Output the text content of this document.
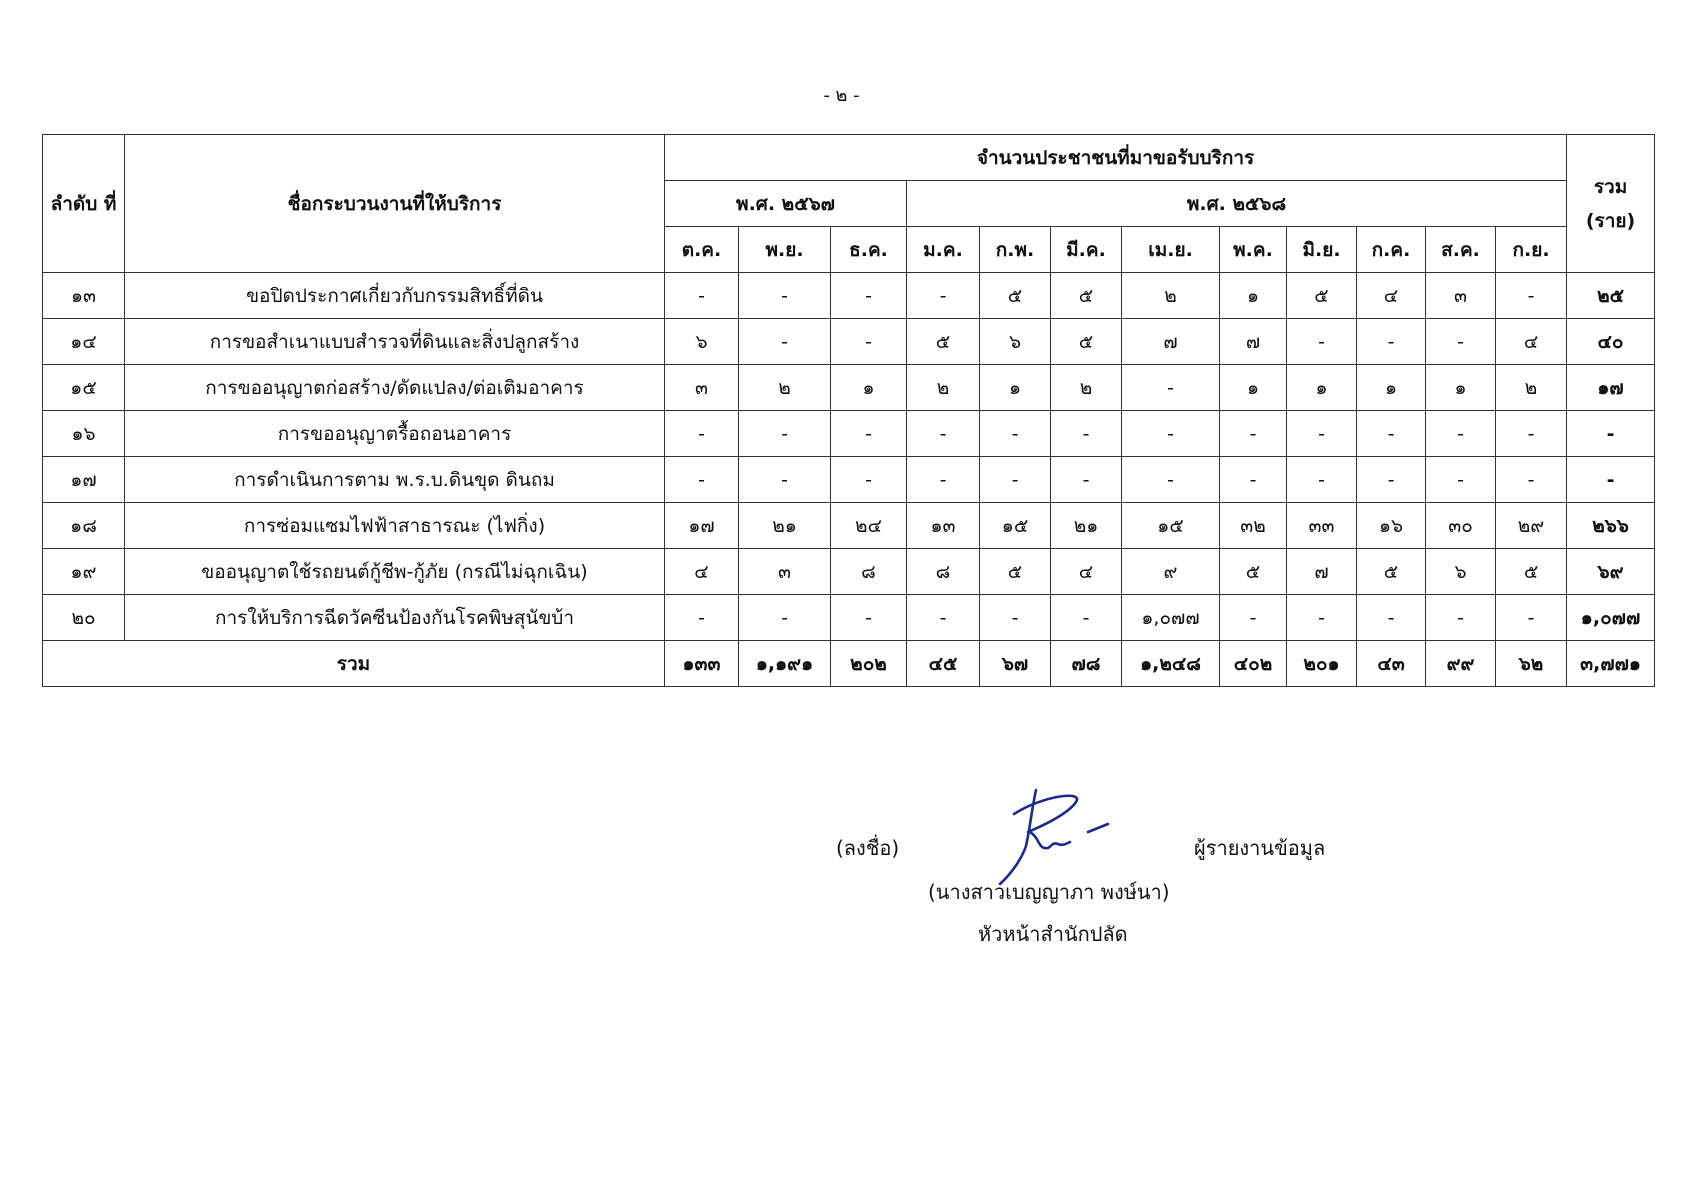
- ๒ -
ลำดับ ที่	ชื่อกระบวนงานที่ให้บริการ	จำนวนประชาชนที่มาขอรับบริการ												รวม (ราย)
		พ.ศ. ๒๕๖๗			พ.ศ. ๒๕๖๘									
		ต.ค.	พ.ย.	ธ.ค.	ม.ค.	ก.พ.	มี.ค.	เม.ย.	พ.ค.	มิ.ย.	ก.ค.	ส.ค.	ก.ย.	
๑๓	ขอปิดประกาศเกี่ยวกับกรรมสิทธิ์ที่ดิน	-	-	-	-	๕	๕	๒	๑	๕	๔	๓	-	๒๕
๑๔	การขอสำเนาแบบสำรวจที่ดินและสิ่งปลูกสร้าง	๖	-	-	๕	๖	๕	๗	๗	-	-	-	๔	๔๐
๑๕	การขออนุญาตก่อสร้าง/ดัดแปลง/ต่อเติมอาคาร	๓	๒	๑	๒	๑	๒	-	๑	๑	๑	๑	๒	๑๗
๑๖	การขออนุญาตรื้อถอนอาคาร	-	-	-	-	-	-	-	-	-	-	-	-	-
๑๗	การดำเนินการตาม พ.ร.บ.ดินขุด ดินถม	-	-	-	-	-	-	-	-	-	-	-	-	-
๑๘	การซ่อมแซมไฟฟ้าสาธารณะ (ไฟกิ่ง)	๑๗	๒๑	๒๔	๑๓	๑๕	๒๑	๑๕	๓๒	๓๓	๑๖	๓๐	๒๙	๒๖๖
๑๙	ขออนุญาตใช้รถยนต์กู้ชีพ-กู้ภัย (กรณีไม่ฉุกเฉิน)	๔	๓	๘	๘	๕	๔	๙	๕	๗	๕	๖	๕	๖๙
๒๐	การให้บริการฉีดวัคซีนป้องกันโรคพิษสุนัขบ้า	-	-	-	-	-	-	๑,๐๗๗	-	-	-	-	-	๑,๐๗๗
รวม		๑๓๓	๑,๑๙๑	๒๐๒	๔๕	๖๗	๗๘	๑,๒๔๘	๔๐๒	๒๐๑	๔๓	๙๙	๖๒	๓,๗๗๑
(ลงชื่อ)	ผู้รายงานข้อมูล
(นางสาวเบญญาภา พงษ์นา)
หัวหน้าสำนักปลัด
